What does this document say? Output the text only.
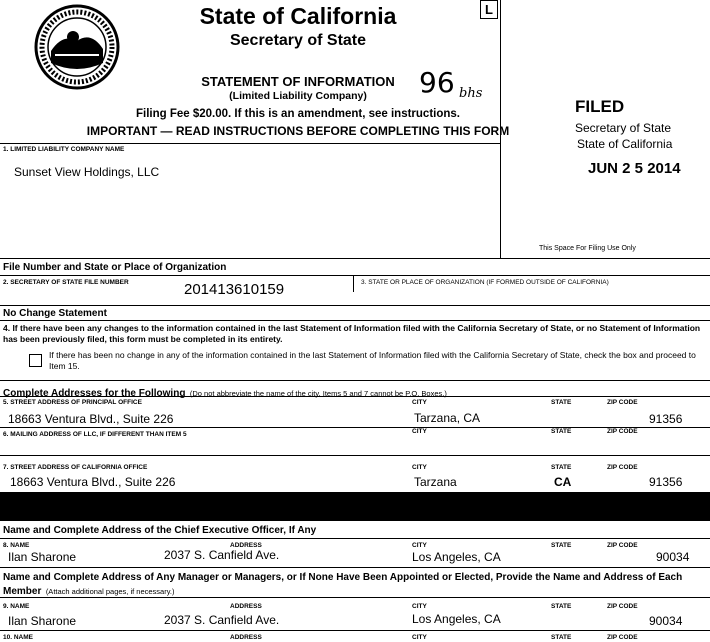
State of California
Secretary of State
L
STATEMENT OF INFORMATION
(Limited Liability Company)	96 bhs
Filing Fee $20.00. If this is an amendment, see instructions.
IMPORTANT — READ INSTRUCTIONS BEFORE COMPLETING THIS FORM
FILED
Secretary of State
State of California
JUN 2 5 2014
This Space For Filing Use Only
1. LIMITED LIABILITY COMPANY NAME
Sunset View Holdings, LLC
File Number and State or Place of Organization
2. SECRETARY OF STATE FILE NUMBER	201413610159	3. STATE OR PLACE OF ORGANIZATION (IF FORMED OUTSIDE OF CALIFORNIA)
No Change Statement
4. If there have been any changes to the information contained in the last Statement of Information filed with the California Secretary of State, or no Statement of Information has been previously filed, this form must be completed in its entirety.
If there has been no change in any of the information contained in the last Statement of Information filed with the California Secretary of State, check the box and proceed to Item 15.
Complete Addresses for the Following (Do not abbreviate the name of the city. Items 5 and 7 cannot be P.O. Boxes.)
5. STREET ADDRESS OF PRINCIPAL OFFICE	CITY	STATE	ZIP CODE
18663 Ventura Blvd., Suite 226	Tarzana, CA	91356
6. MAILING ADDRESS OF LLC, IF DIFFERENT THAN ITEM 5	CITY	STATE	ZIP CODE
7. STREET ADDRESS OF CALIFORNIA OFFICE	CITY	STATE	ZIP CODE
18663 Ventura Blvd., Suite 226	Tarzana	CA	91356
Name and Complete Address of the Chief Executive Officer, If Any
8. NAME	ADDRESS	CITY	STATE	ZIP CODE
Ilan Sharone	2037 S. Canfield Ave.	Los Angeles, CA	90034
Name and Complete Address of Any Manager or Managers, or If None Have Been Appointed or Elected, Provide the Name and Address of Each Member (Attach additional pages, if necessary.)
9. NAME	ADDRESS	CITY	STATE	ZIP CODE
Ilan Sharone	2037 S. Canfield Ave.	Los Angeles, CA	90034
10. NAME	ADDRESS	CITY	STATE	ZIP CODE
